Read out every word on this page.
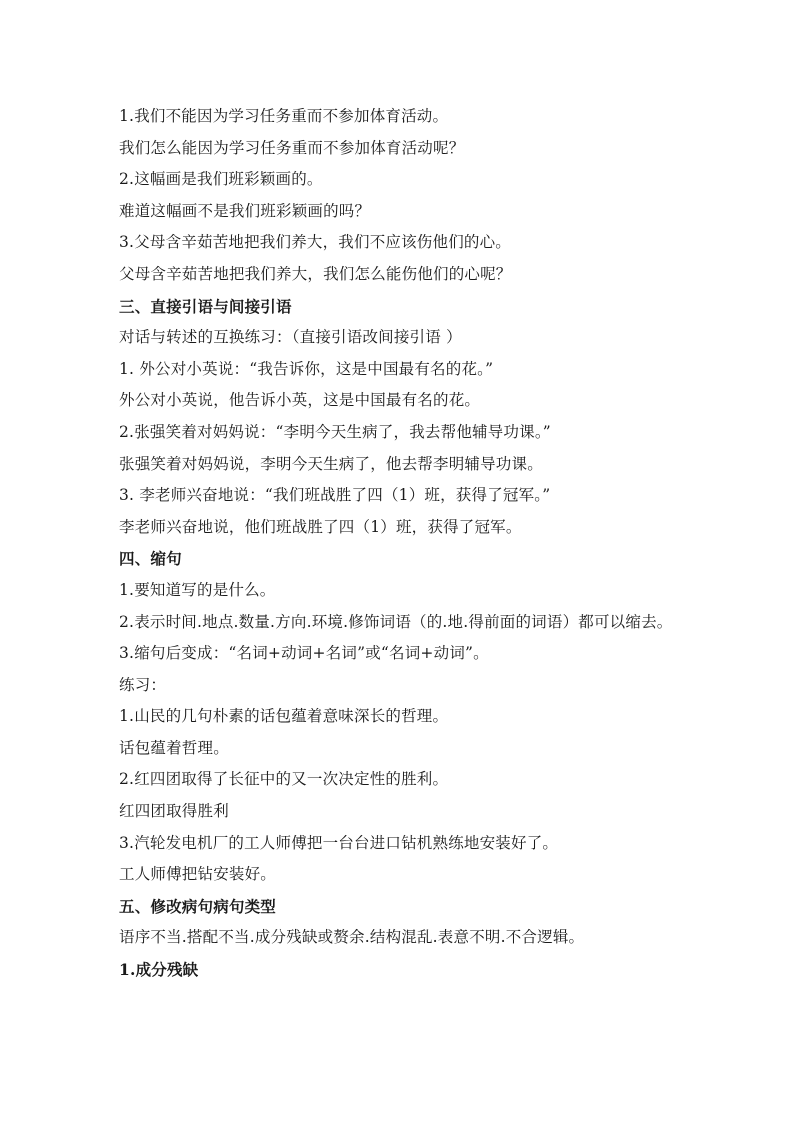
1.我们不能因为学习任务重而不参加体育活动。
我们怎么能因为学习任务重而不参加体育活动呢？
2.这幅画是我们班彩颖画的。
难道这幅画不是我们班彩颖画的吗？
3.父母含辛茹苦地把我们养大，我们不应该伤他们的心。
父母含辛茹苦地把我们养大，我们怎么能伤他们的心呢？
三、直接引语与间接引语
对话与转述的互换练习：（直接引语改间接引语 ）
1. 外公对小英说：“我告诉你，这是中国最有名的花。”
外公对小英说，他告诉小英，这是中国最有名的花。
2.张强笑着对妈妈说：“李明今天生病了，我去帮他辅导功课。”
张强笑着对妈妈说，李明今天生病了，他去帮李明辅导功课。
3. 李老师兴奋地说：“我们班战胜了四（1）班，获得了冠军。”
李老师兴奋地说，他们班战胜了四（1）班，获得了冠军。
四、缩句
1.要知道写的是什么。
2.表示时间.地点.数量.方向.环境.修饰词语（的.地.得前面的词语）都可以缩去。
3.缩句后变成：“名词+动词+名词”或“名词+动词”。
练习：
1.山民的几句朴素的话包蕴着意味深长的哲理。
话包蕴着哲理。
2.红四团取得了长征中的又一次决定性的胜利。
红四团取得胜利
3.汽轮发电机厂的工人师傅把一台台进口钻机熟练地安装好了。
工人师傅把钻安装好。
五、修改病句病句类型
语序不当.搭配不当.成分残缺或赘余.结构混乱.表意不明.不合逻辑。
1.成分残缺
